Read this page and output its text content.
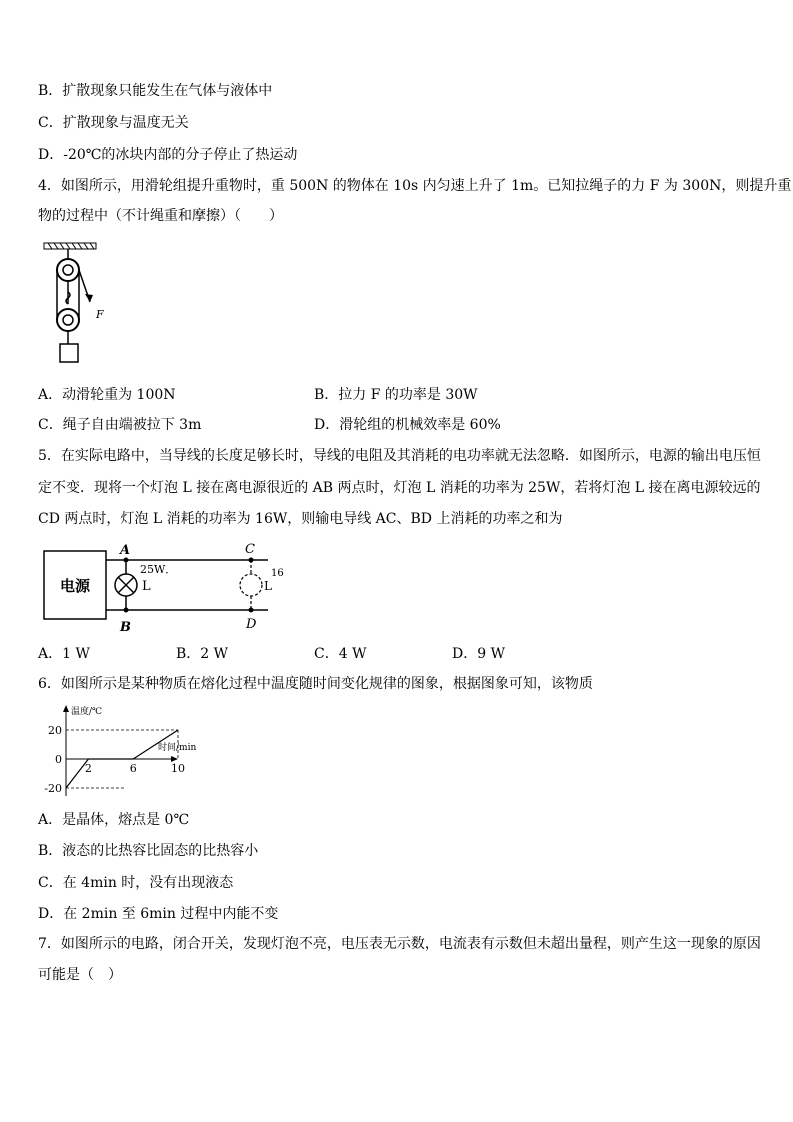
B．扩散现象只能发生在气体与液体中
C．扩散现象与温度无关
D．-20℃的冰块内部的分子停止了热运动
4．如图所示，用滑轮组提升重物时，重 500N 的物体在 10s 内匀速上升了 1m。已知拉绳子的力 F 为 300N，则提升重
物的过程中（不计绳重和摩擦）（　　）
F
A．动滑轮重为 100N	B．拉力 F 的功率是 30W
C．绳子自由端被拉下 3m	D．滑轮组的机械效率是 60%
5．在实际电路中，当导线的长度足够长时，导线的电阻及其消耗的电功率就无法忽略．如图所示，电源的输出电压恒
定不变．现将一个灯泡 L 接在离电源很近的 AB 两点时，灯泡 L 消耗的功率为 25W，若将灯泡 L 接在离电源较远的
CD 两点时，灯泡 L 消耗的功率为 16W，则输电导线 AC、BD 上消耗的功率之和为
电源
A
B
L
25W．
L
16
C
D
A．1 W	B．2 W	C．4 W	D．9 W
6．如图所示是某种物质在熔化过程中温度随时间变化规律的图象，根据图象可知，该物质
温度/℃
时间/min
2	6	10
20
0
-20
A．是晶体，熔点是 0℃
B．液态的比热容比固态的比热容小
C．在 4min 时，没有出现液态
D．在 2min 至 6min 过程中内能不变
7．如图所示的电路，闭合开关，发现灯泡不亮，电压表无示数，电流表有示数但未超出量程，则产生这一现象的原因
可能是（　）
